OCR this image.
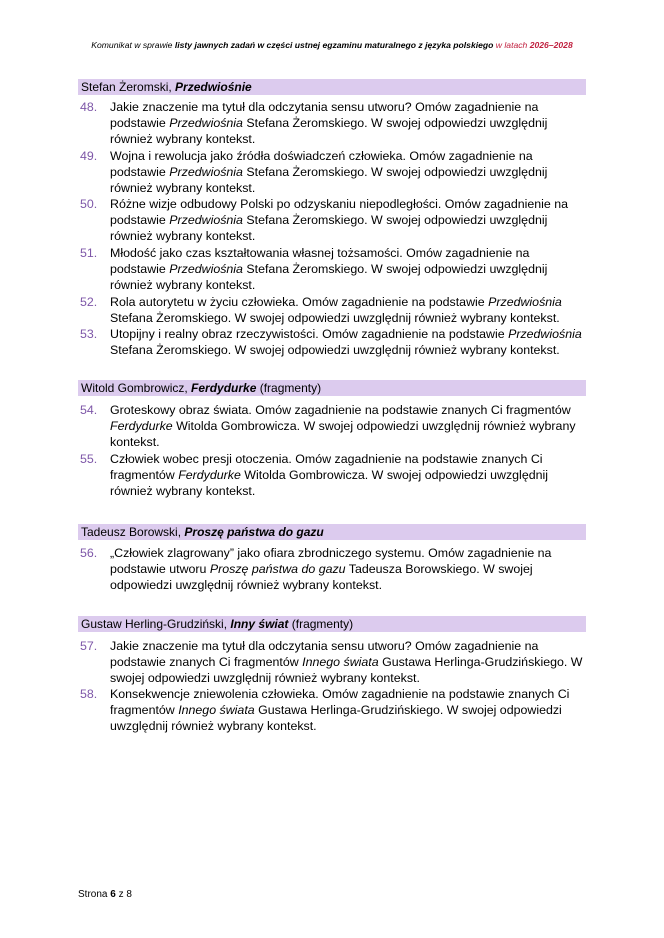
Komunikat w sprawie listy jawnych zadań w części ustnej egzaminu maturalnego z języka polskiego w latach 2026–2028
Stefan Żeromski, Przedwiośnie
48. Jakie znaczenie ma tytuł dla odczytania sensu utworu? Omów zagadnienie na podstawie Przedwiośnia Stefana Żeromskiego. W swojej odpowiedzi uwzględnij również wybrany kontekst.
49. Wojna i rewolucja jako źródła doświadczeń człowieka. Omów zagadnienie na podstawie Przedwiośnia Stefana Żeromskiego. W swojej odpowiedzi uwzględnij również wybrany kontekst.
50. Różne wizje odbudowy Polski po odzyskaniu niepodległości. Omów zagadnienie na podstawie Przedwiośnia Stefana Żeromskiego. W swojej odpowiedzi uwzględnij również wybrany kontekst.
51. Młodość jako czas kształtowania własnej tożsamości. Omów zagadnienie na podstawie Przedwiośnia Stefana Żeromskiego. W swojej odpowiedzi uwzględnij również wybrany kontekst.
52. Rola autorytetu w życiu człowieka. Omów zagadnienie na podstawie Przedwiośnia Stefana Żeromskiego. W swojej odpowiedzi uwzględnij również wybrany kontekst.
53. Utopijny i realny obraz rzeczywistości. Omów zagadnienie na podstawie Przedwiośnia Stefana Żeromskiego. W swojej odpowiedzi uwzględnij również wybrany kontekst.
Witold Gombrowicz, Ferdydurke (fragmenty)
54. Groteskowy obraz świata. Omów zagadnienie na podstawie znanych Ci fragmentów Ferdydurke Witolda Gombrowicza. W swojej odpowiedzi uwzględnij również wybrany kontekst.
55. Człowiek wobec presji otoczenia. Omów zagadnienie na podstawie znanych Ci fragmentów Ferdydurke Witolda Gombrowicza. W swojej odpowiedzi uwzględnij również wybrany kontekst.
Tadeusz Borowski, Proszę państwa do gazu
56. „Człowiek zlagrowany” jako ofiara zbrodniczego systemu. Omów zagadnienie na podstawie utworu Proszę państwa do gazu Tadeusza Borowskiego. W swojej odpowiedzi uwzględnij również wybrany kontekst.
Gustaw Herling-Grudziński, Inny świat (fragmenty)
57. Jakie znaczenie ma tytuł dla odczytania sensu utworu? Omów zagadnienie na podstawie znanych Ci fragmentów Innego świata Gustawa Herlinga-Grudzińskiego. W swojej odpowiedzi uwzględnij również wybrany kontekst.
58. Konsekwencje zniewolenia człowieka. Omów zagadnienie na podstawie znanych Ci fragmentów Innego świata Gustawa Herlinga-Grudzińskiego. W swojej odpowiedzi uwzględnij również wybrany kontekst.
Strona 6 z 8
